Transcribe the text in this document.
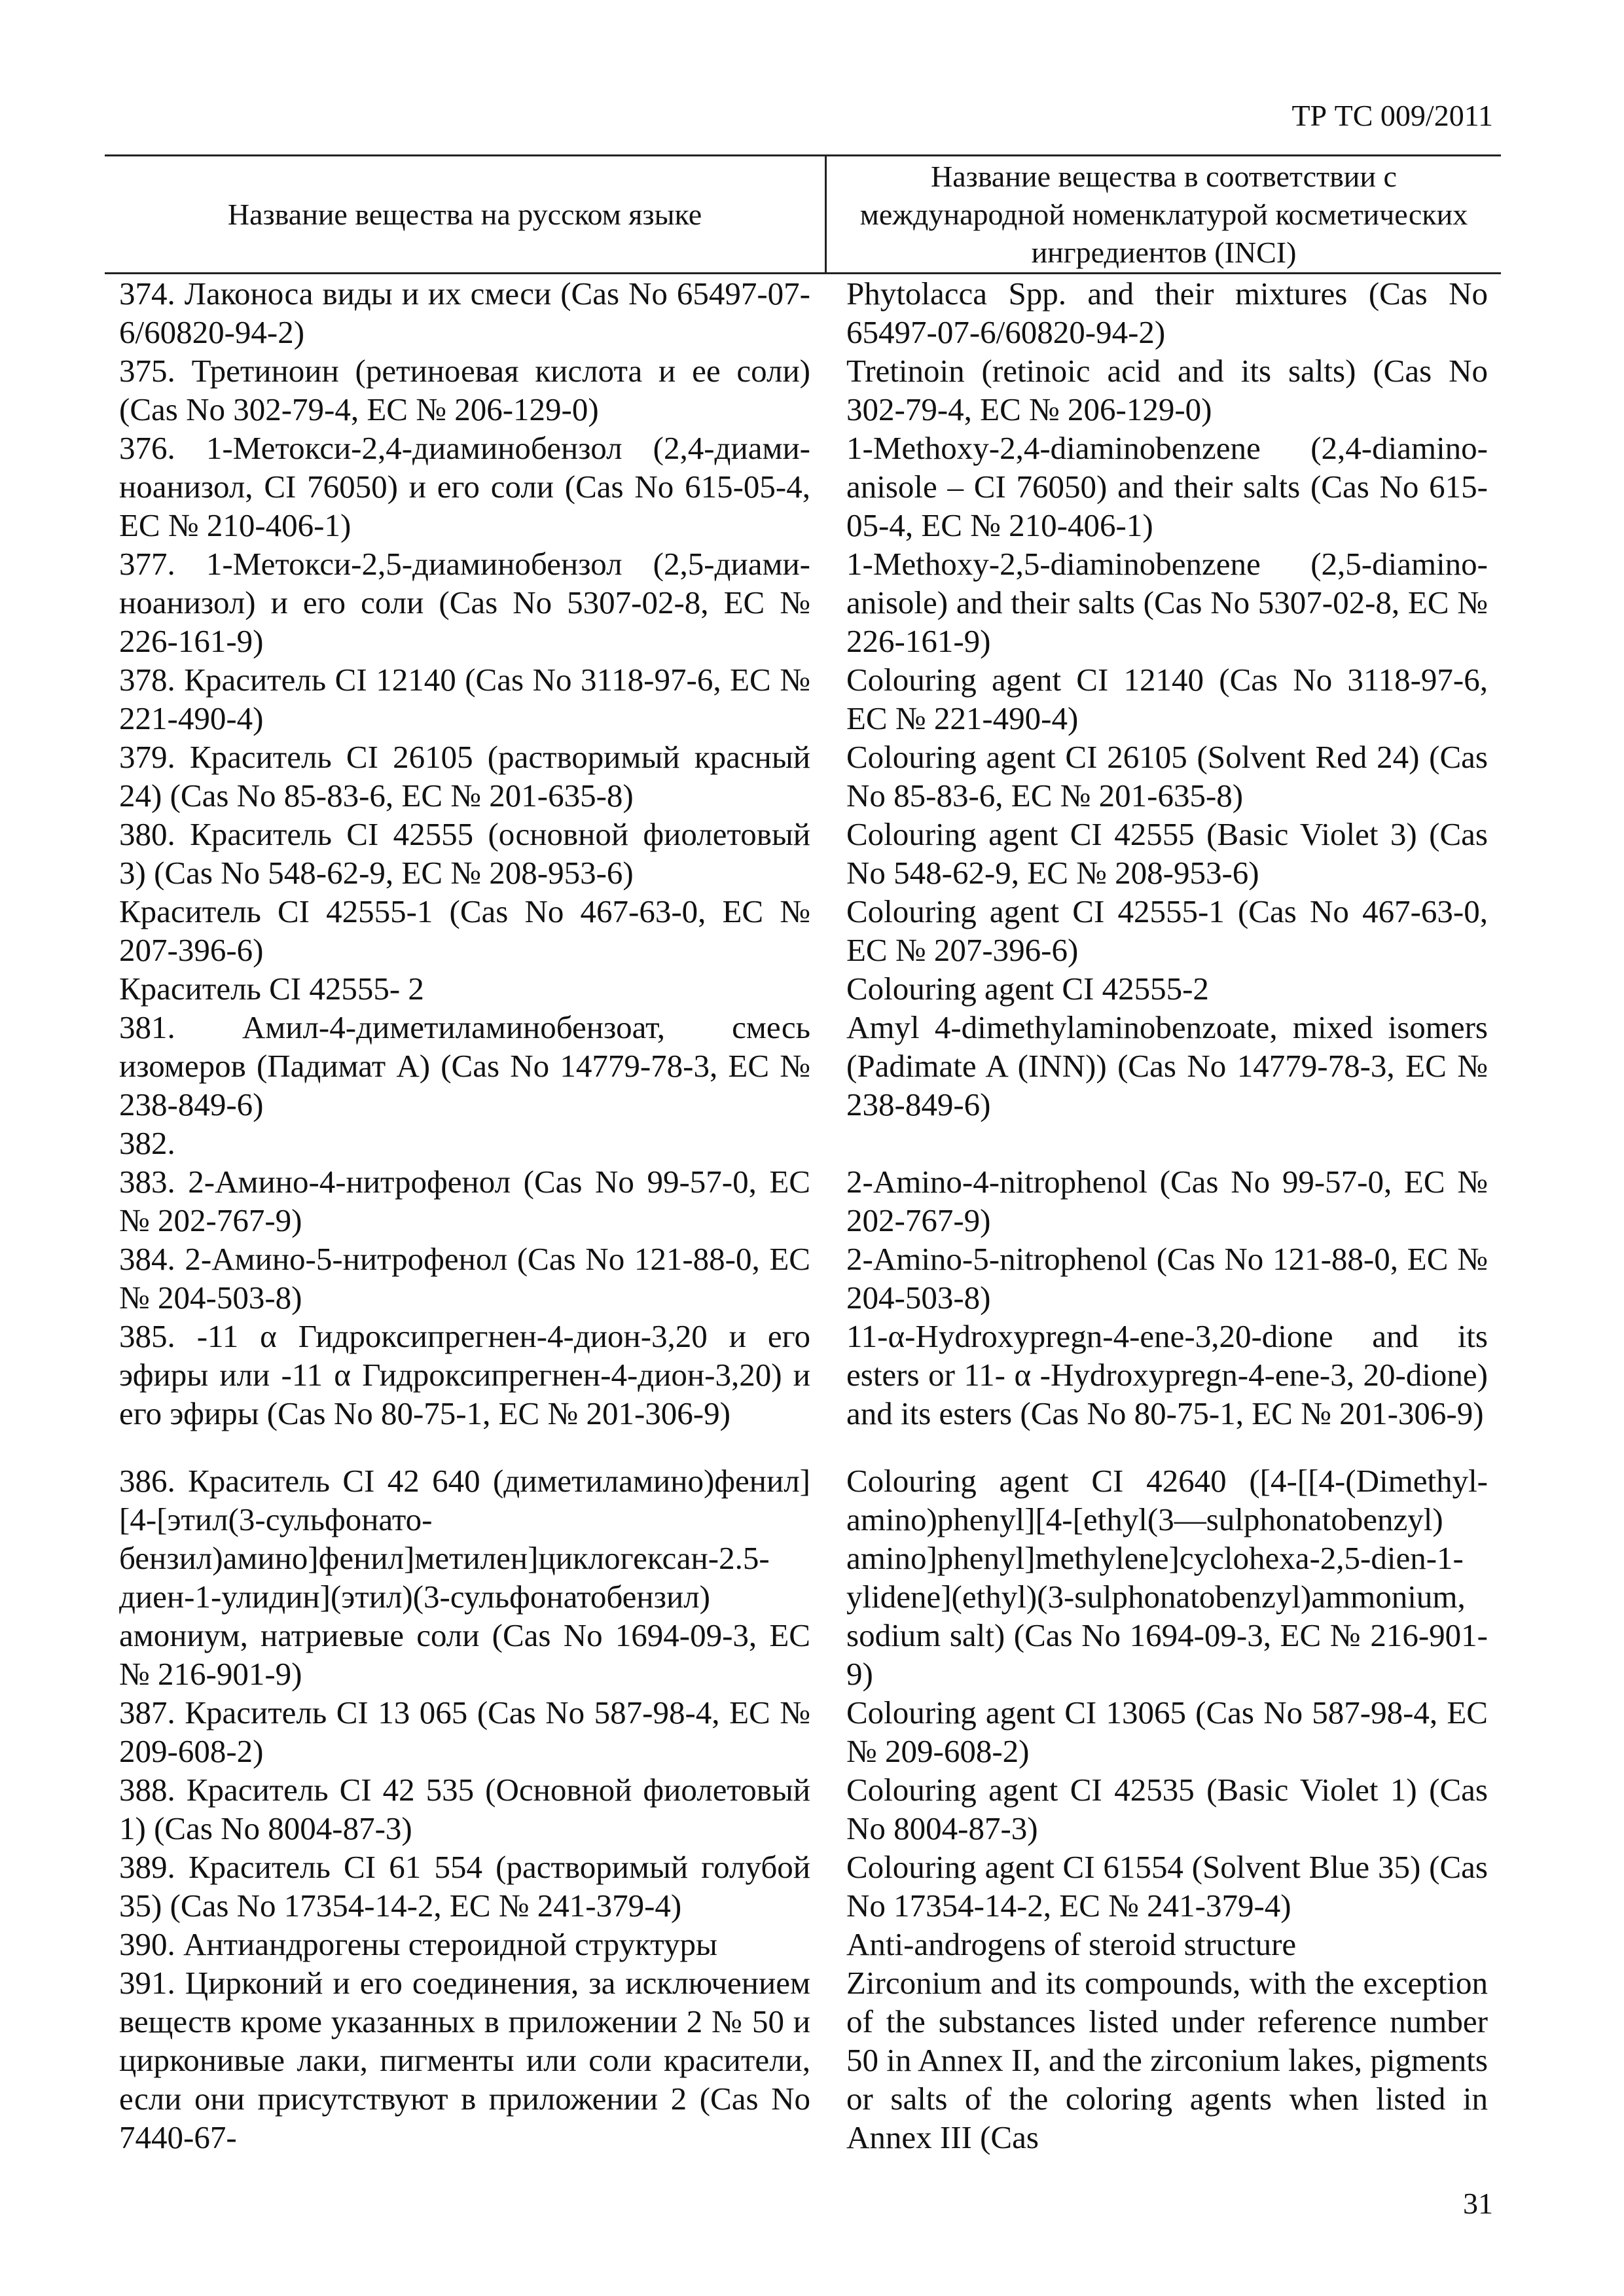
ТР ТС 009/2011
Название вещества на русском языке
Название вещества в соответствии с международной номенклатурой косметических ингредиентов (INCI)
374. Лаконоса виды и их смеси (Cas No 65497-07-6/60820-94-2)
Phytolacca Spp. and their mixtures (Cas No 65497-07-6/60820-94-2)
375. Третиноин (ретиноевая кислота и ее соли) (Cas No 302-79-4, EC № 206-129-0)
Tretinoin (retinoic acid and its salts) (Cas No 302-79-4, EC № 206-129-0)
376. 1-Метокси-2,4-диаминобензол (2,4-диами-ноанизол, CI 76050) и его соли (Cas No 615-05-4, EC № 210-406-1)
1-Methoxy-2,4-diaminobenzene (2,4-diamino-anisole – CI 76050) and their salts (Cas No 615-05-4, EC № 210-406-1)
377. 1-Метокси-2,5-диаминобензол (2,5-диами-ноанизол) и его соли (Cas No 5307-02-8, EC № 226-161-9)
1-Methoxy-2,5-diaminobenzene (2,5-diamino-anisole) and their salts (Cas No 5307-02-8, EC № 226-161-9)
378. Краситель CI 12140 (Cas No 3118-97-6, EC № 221-490-4)
Colouring agent CI 12140 (Cas No 3118-97-6, EC № 221-490-4)
379. Краситель CI 26105 (растворимый красный 24) (Cas No 85-83-6, EC № 201-635-8)
Colouring agent CI 26105 (Solvent Red 24) (Cas No 85-83-6, EC № 201-635-8)
380. Краситель CI 42555 (основной фиолетовый 3) (Cas No 548-62-9, EC № 208-953-6)
Colouring agent CI 42555 (Basic Violet 3) (Cas No 548-62-9, EC № 208-953-6)
Краситель CI 42555-1 (Cas No 467-63-0, EC № 207-396-6)
Colouring agent CI 42555-1 (Cas No 467-63-0, EC № 207-396-6)
Краситель CI 42555- 2	Colouring agent CI 42555-2
381. Амил-4-диметиламинобензоат, смесь изомеров (Падимат А) (Cas No 14779-78-3, EC № 238-849-6)
Amyl 4-dimethylaminobenzoate, mixed isomers (Padimate A (INN)) (Cas No 14779-78-3, EC № 238-849-6)
382.
383. 2-Амино-4-нитрофенол (Cas No 99-57-0, EC № 202-767-9)
2-Amino-4-nitrophenol (Cas No 99-57-0, EC № 202-767-9)
384. 2-Амино-5-нитрофенол (Cas No 121-88-0, EC № 204-503-8)
2-Amino-5-nitrophenol (Cas No 121-88-0, EC № 204-503-8)
385. -11 α Гидроксипрегнен-4-дион-3,20 и его эфиры или -11 α Гидроксипрегнен-4-дион-3,20) и его эфиры (Cas No 80-75-1, EC № 201-306-9)
11-α-Hydroxypregn-4-ene-3,20-dione and its esters or 11- α -Hydroxypregn-4-ene-3, 20-dione) and its esters (Cas No 80-75-1, EC № 201-306-9)
386. Краситель CI 42 640 (диметиламино)фенил][4-[этил(3-сульфонато-бензил)амино]фенил]метилен]циклогексан-2.5-диен-1-улидин](этил)(3-сульфонатобензил) амониум, натриевые соли (Cas No 1694-09-3, EC № 216-901-9)
Colouring agent CI 42640 ([4-[[4-(Dimethyl-amino)phenyl][4-[ethyl(3—sulphonatobenzyl) amino]phenyl]methylene]cyclohexa-2,5-dien-1-ylidene](ethyl)(3-sulphonatobenzyl)ammonium, sodium salt) (Cas No 1694-09-3, EC № 216-901-9)
387. Краситель CI 13 065 (Cas No 587-98-4, EC № 209-608-2)
Colouring agent CI 13065 (Cas No 587-98-4, EC № 209-608-2)
388. Краситель CI 42 535 (Основной фиолетовый 1) (Cas No 8004-87-3)
Colouring agent CI 42535 (Basic Violet 1) (Cas No 8004-87-3)
389. Краситель CI 61 554 (растворимый голубой 35) (Cas No 17354-14-2, EC № 241-379-4)
Colouring agent CI 61554 (Solvent Blue 35) (Cas No 17354-14-2, EC № 241-379-4)
390. Антиандрогены стероидной структуры	Anti-androgens of steroid structure
391. Цирконий и его соединения, за исключением веществ кроме указанных в приложении 2 № 50 и цирконивые лаки, пигменты или соли красители, если они присутствуют в приложении 2 (Cas No 7440-67-
Zirconium and its compounds, with the exception of the substances listed under reference number 50 in Annex II, and the zirconium lakes, pigments or salts of the coloring agents when listed in Annex III (Cas
31
